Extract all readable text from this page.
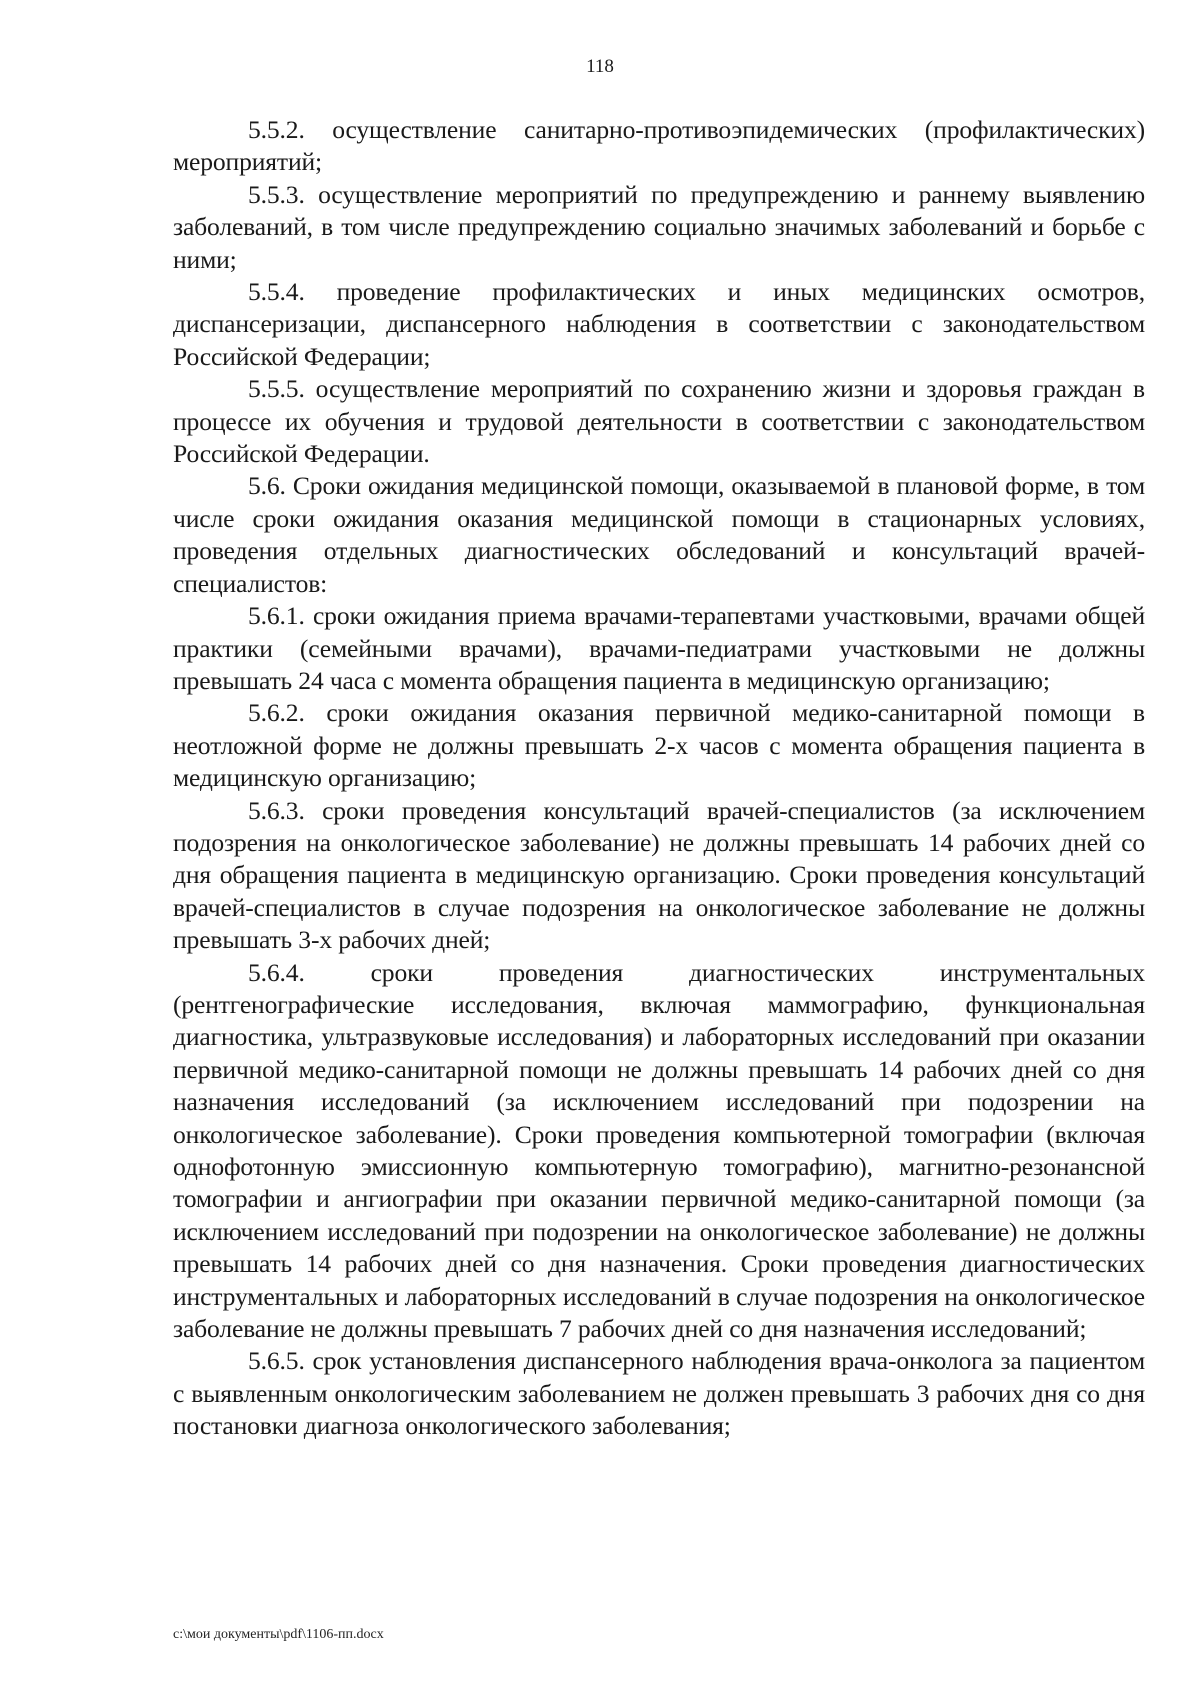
118

5.5.2. осуществление санитарно-противоэпидемических (профилактических) мероприятий;

5.5.3. осуществление мероприятий по предупреждению и раннему выявлению заболеваний, в том числе предупреждению социально значимых заболеваний и борьбе с ними;

5.5.4. проведение профилактических и иных медицинских осмотров, диспансеризации, диспансерного наблюдения в соответствии с законодательством Российской Федерации;

5.5.5. осуществление мероприятий по сохранению жизни и здоровья граждан в процессе их обучения и трудовой деятельности в соответствии с законодательством Российской Федерации.

5.6. Сроки ожидания медицинской помощи, оказываемой в плановой форме, в том числе сроки ожидания оказания медицинской помощи в стационарных условиях, проведения отдельных диагностических обследований и консультаций врачей-специалистов:

5.6.1. сроки ожидания приема врачами-терапевтами участковыми, врачами общей практики (семейными врачами), врачами-педиатрами участковыми не должны превышать 24 часа с момента обращения пациента в медицинскую организацию;

5.6.2. сроки ожидания оказания первичной медико-санитарной помощи в неотложной форме не должны превышать 2-х часов с момента обращения пациента в медицинскую организацию;

5.6.3. сроки проведения консультаций врачей-специалистов (за исключением подозрения на онкологическое заболевание) не должны превышать 14 рабочих дней со дня обращения пациента в медицинскую организацию. Сроки проведения консультаций врачей-специалистов в случае подозрения на онкологическое заболевание не должны превышать 3-х рабочих дней;

5.6.4. сроки проведения диагностических инструментальных (рентгенографические исследования, включая маммографию, функциональная диагностика, ультразвуковые исследования) и лабораторных исследований при оказании первичной медико-санитарной помощи не должны превышать 14 рабочих дней со дня назначения исследований (за исключением исследований при подозрении на онкологическое заболевание). Сроки проведения компьютерной томографии (включая однофотонную эмиссионную компьютерную томографию), магнитно-резонансной томографии и ангиографии при оказании первичной медико-санитарной помощи (за исключением исследований при подозрении на онкологическое заболевание) не должны превышать 14 рабочих дней со дня назначения. Сроки проведения диагностических инструментальных и лабораторных исследований в случае подозрения на онкологическое заболевание не должны превышать 7 рабочих дней со дня назначения исследований;

5.6.5. срок установления диспансерного наблюдения врача-онколога за пациентом с выявленным онкологическим заболеванием не должен превышать 3 рабочих дня со дня постановки диагноза онкологического заболевания;

c:\мои документы\pdf\1106-пп.docx
